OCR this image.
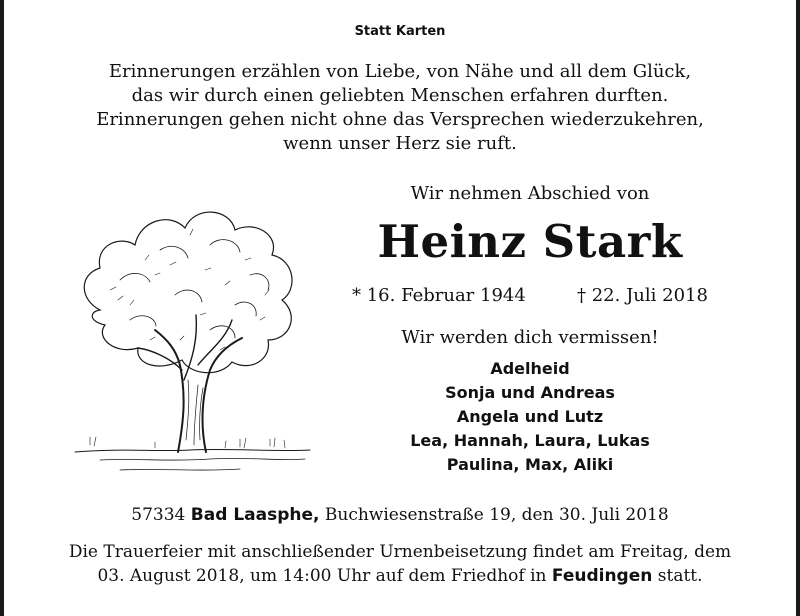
Statt Karten
Erinnerungen erzählen von Liebe, von Nähe und all dem Glück,
das wir durch einen geliebten Menschen erfahren durften.
Erinnerungen gehen nicht ohne das Versprechen wiederzukehren,
wenn unser Herz sie ruft.
Wir nehmen Abschied von
Heinz Stark
* 16. Februar 1944	† 22. Juli 2018
Wir werden dich vermissen!
Adelheid
Sonja und Andreas
Angela und Lutz
Lea, Hannah, Laura, Lukas
Paulina, Max, Aliki
57334 Bad Laasphe, Buchwiesenstraße 19, den 30. Juli 2018
Die Trauerfeier mit anschließender Urnenbeisetzung findet am Freitag, dem
03. August 2018, um 14:00 Uhr auf dem Friedhof in Feudingen statt.
